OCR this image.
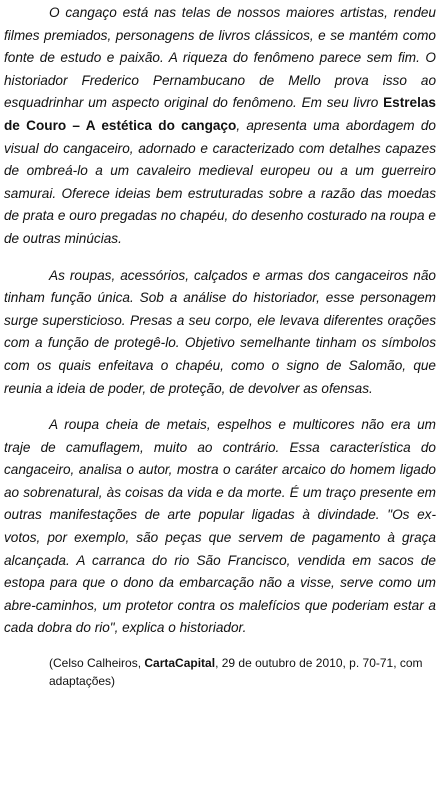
O cangaço está nas telas de nossos maiores artistas, rendeu filmes premiados, personagens de livros clássicos, e se mantém como fonte de estudo e paixão. A riqueza do fenômeno parece sem fim. O historiador Frederico Pernambucano de Mello prova isso ao esquadrinhar um aspecto original do fenômeno. Em seu livro Estrelas de Couro – A estética do cangaço, apresenta uma abordagem do visual do cangaceiro, adornado e caracterizado com detalhes capazes de ombreá-lo a um cavaleiro medieval europeu ou a um guerreiro samurai. Oferece ideias bem estruturadas sobre a razão das moedas de prata e ouro pregadas no chapéu, do desenho costurado na roupa e de outras minúcias.

As roupas, acessórios, calçados e armas dos cangaceiros não tinham função única. Sob a análise do historiador, esse personagem surge supersticioso. Presas a seu corpo, ele levava diferentes orações com a função de protegê-lo. Objetivo semelhante tinham os símbolos com os quais enfeitava o chapéu, como o signo de Salomão, que reunia a ideia de poder, de proteção, de devolver as ofensas.

A roupa cheia de metais, espelhos e multicores não era um traje de camuflagem, muito ao contrário. Essa característica do cangaceiro, analisa o autor, mostra o caráter arcaico do homem ligado ao sobrenatural, às coisas da vida e da morte. É um traço presente em outras manifestações de arte popular ligadas à divindade. "Os ex-votos, por exemplo, são peças que servem de pagamento à graça alcançada. A carranca do rio São Francisco, vendida em sacos de estopa para que o dono da embarcação não a visse, serve como um abre-caminhos, um protetor contra os malefícios que poderiam estar a cada dobra do rio", explica o historiador.

(Celso Calheiros, CartaCapital, 29 de outubro de 2010, p. 70-71, com adaptações)
